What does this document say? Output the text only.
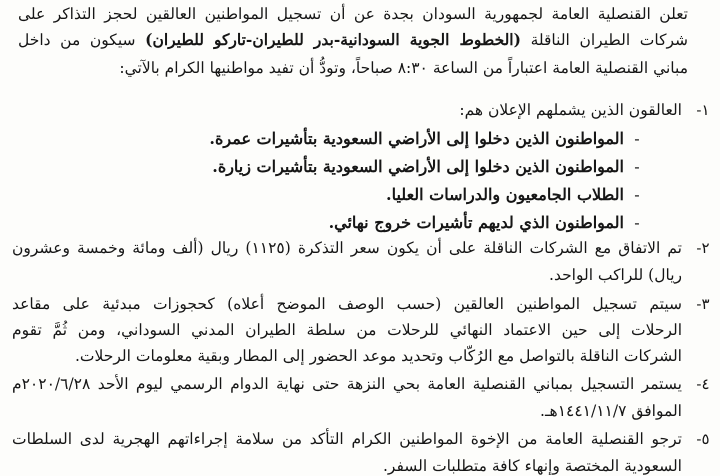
تعلن القنصلية العامة لجمهورية السودان بجدة عن أن تسجيل المواطنين العالقين لحجز التذاكر على
شركات الطيران الناقلة (الخطوط الجوية السودانية-بدر للطيران-تاركو للطيران) سيكون من داخل
مباني القنصلية العامة اعتباراً من الساعة ٨:٣٠ صباحاً، وتودُّ أن تفيد مواطنيها الكرام بالآتي:
١ -
العالقون الذين يشملهم الإعلان هم:
-المواطنون الذين دخلوا إلى الأراضي السعودية بتأشيرات عمرة.
-المواطنون الذين دخلوا إلى الأراضي السعودية بتأشيرات زيارة.
-الطلاب الجامعيون والدراسات العليا.
-المواطنون الذي لديهم تأشيرات خروج نهائي.
٢ -
تم الاتفاق مع الشركات الناقلة على أن يكون سعر التذكرة (١١٢٥) ريال (ألف ومائة وخمسة وعشرون
ريال) للراكب الواحد.
٣ -
سيتم تسجيل المواطنين العالقين (حسب الوصف الموضح أعلاه) كحجوزات مبدئية على مقاعد
الرحلات إلى حين الاعتماد النهائي للرحلات من سلطة الطيران المدني السوداني، ومن ثُمَّ تقوم
الشركات الناقلة بالتواصل مع الرُكّاب وتحديد موعد الحضور إلى المطار وبقية معلومات الرحلات.
٤ -
يستمر التسجيل بمباني القنصلية العامة بحي النزهة حتى نهاية الدوام الرسمي ليوم الأحد ٢٠٢٠/٦/٢٨م
الموافق ١٤٤١/١١/٧هـ.
٥ -
ترجو القنصلية العامة من الإخوة المواطنين الكرام التأكد من سلامة إجراءاتهم الهجرية لدى السلطات
السعودية المختصة وإنهاء كافة متطلبات السفر.
